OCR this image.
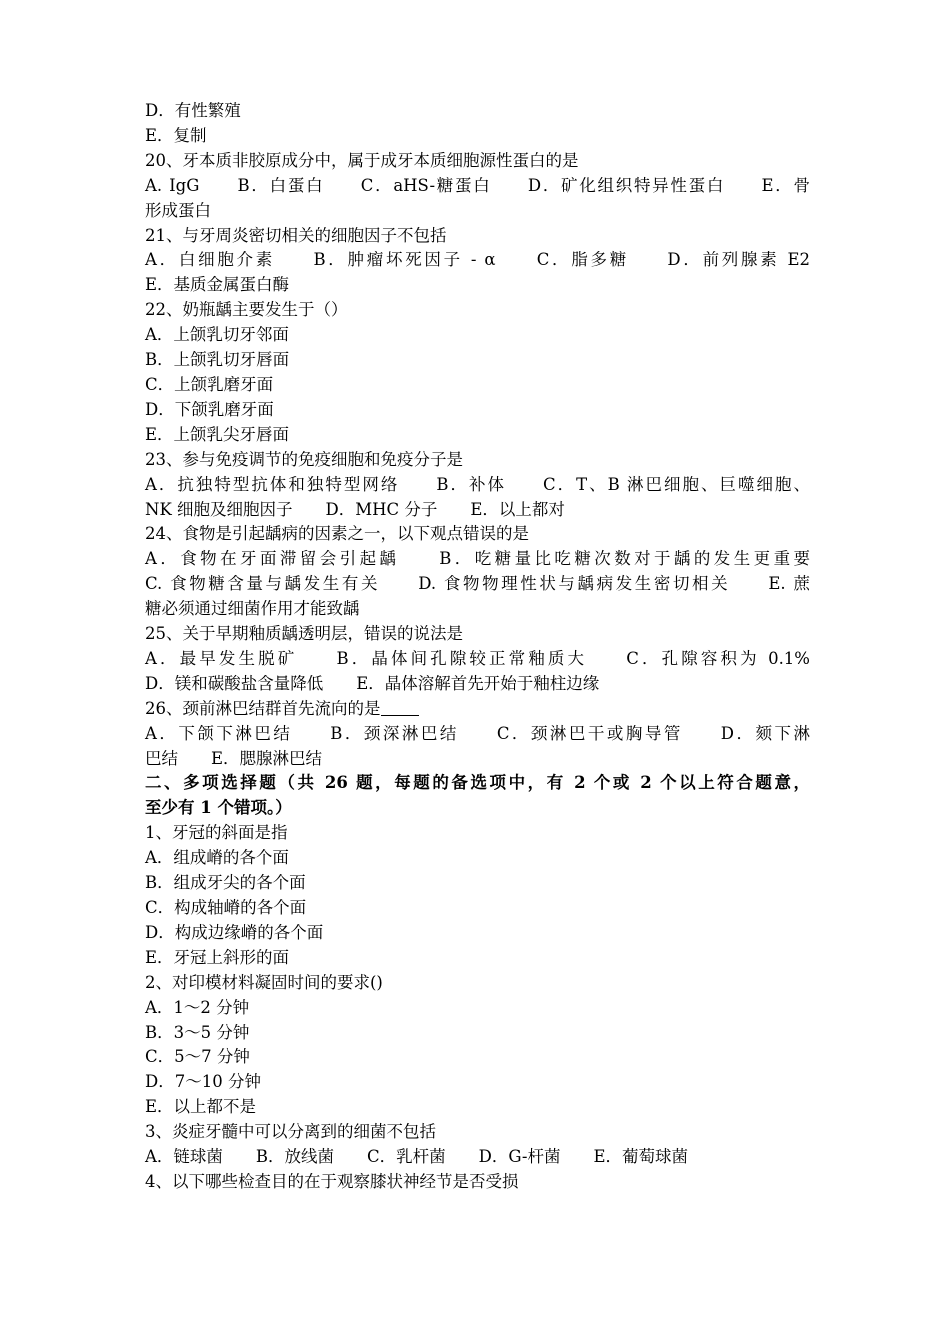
D．有性繁殖
E．复制
20、牙本质非胶原成分中，属于成牙本质细胞源性蛋白的是
A. IgG　　B．白蛋白　　C．aHS-糖蛋白　　D．矿化组织特异性蛋白　　E．骨
形成蛋白
21、与牙周炎密切相关的细胞因子不包括
A．白细胞介素　　B．肿瘤坏死因子 - α　　C．脂多糖　　D．前列腺素 E2
E．基质金属蛋白酶
22、奶瓶龋主要发生于（）
A．上颌乳切牙邻面
B．上颌乳切牙唇面
C．上颌乳磨牙面
D．下颌乳磨牙面
E．上颌乳尖牙唇面
23、参与免疫调节的免疫细胞和免疫分子是
A．抗独特型抗体和独特型网络　　B．补体　　C．T、B 淋巴细胞、巨噬细胞、
NK 细胞及细胞因子　　D．MHC 分子　　E．以上都对
24、食物是引起龋病的因素之一，以下观点错误的是
A．食物在牙面滞留会引起龋　　B．吃糖量比吃糖次数对于龋的发生更重要
C. 食物糖含量与龋发生有关　　D. 食物物理性状与龋病发生密切相关　　E. 蔗
糖必须通过细菌作用才能致龋
25、关于早期釉质龋透明层，错误的说法是
A．最早发生脱矿　　B．晶体间孔隙较正常釉质大　　C．孔隙容积为 0.1%
D．镁和碳酸盐含量降低　　E．晶体溶解首先开始于釉柱边缘
26、颈前淋巴结群首先流向的是
A．下颌下淋巴结　　B．颈深淋巴结　　C．颈淋巴干或胸导管　　D．颏下淋
巴结　　E．腮腺淋巴结
二、多项选择题（共 26 题，每题的备选项中，有 2 个或 2 个以上符合题意，
至少有 1 个错项。）
1、牙冠的斜面是指
A．组成嵴的各个面
B．组成牙尖的各个面
C．构成轴嵴的各个面
D．构成边缘嵴的各个面
E．牙冠上斜形的面
2、对印模材料凝固时间的要求()
A．1～2 分钟
B．3～5 分钟
C．5～7 分钟
D．7～10 分钟
E．以上都不是
3、炎症牙髓中可以分离到的细菌不包括
A．链球菌　　B．放线菌　　C．乳杆菌　　D．G-杆菌　　E．葡萄球菌
4、以下哪些检查目的在于观察膝状神经节是否受损
